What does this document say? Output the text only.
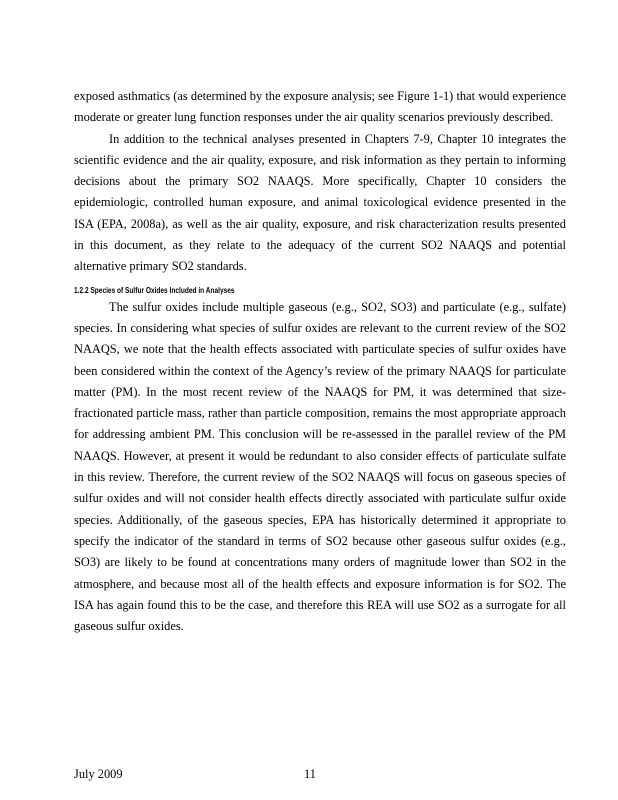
exposed asthmatics (as determined by the exposure analysis; see Figure 1-1) that would experience moderate or greater lung function responses under the air quality scenarios previously described.

In addition to the technical analyses presented in Chapters 7-9, Chapter 10 integrates the scientific evidence and the air quality, exposure, and risk information as they pertain to informing decisions about the primary SO2 NAAQS. More specifically, Chapter 10 considers the epidemiologic, controlled human exposure, and animal toxicological evidence presented in the ISA (EPA, 2008a), as well as the air quality, exposure, and risk characterization results presented in this document, as they relate to the adequacy of the current SO2 NAAQS and potential alternative primary SO2 standards.

1.2.2 Species of Sulfur Oxides Included in Analyses

The sulfur oxides include multiple gaseous (e.g., SO2, SO3) and particulate (e.g., sulfate) species. In considering what species of sulfur oxides are relevant to the current review of the SO2 NAAQS, we note that the health effects associated with particulate species of sulfur oxides have been considered within the context of the Agency’s review of the primary NAAQS for particulate matter (PM). In the most recent review of the NAAQS for PM, it was determined that size-fractionated particle mass, rather than particle composition, remains the most appropriate approach for addressing ambient PM. This conclusion will be re-assessed in the parallel review of the PM NAAQS. However, at present it would be redundant to also consider effects of particulate sulfate in this review. Therefore, the current review of the SO2 NAAQS will focus on gaseous species of sulfur oxides and will not consider health effects directly associated with particulate sulfur oxide species. Additionally, of the gaseous species, EPA has historically determined it appropriate to specify the indicator of the standard in terms of SO2 because other gaseous sulfur oxides (e.g., SO3) are likely to be found at concentrations many orders of magnitude lower than SO2 in the atmosphere, and because most all of the health effects and exposure information is for SO2. The ISA has again found this to be the case, and therefore this REA will use SO2 as a surrogate for all gaseous sulfur oxides.

July 2009	11
